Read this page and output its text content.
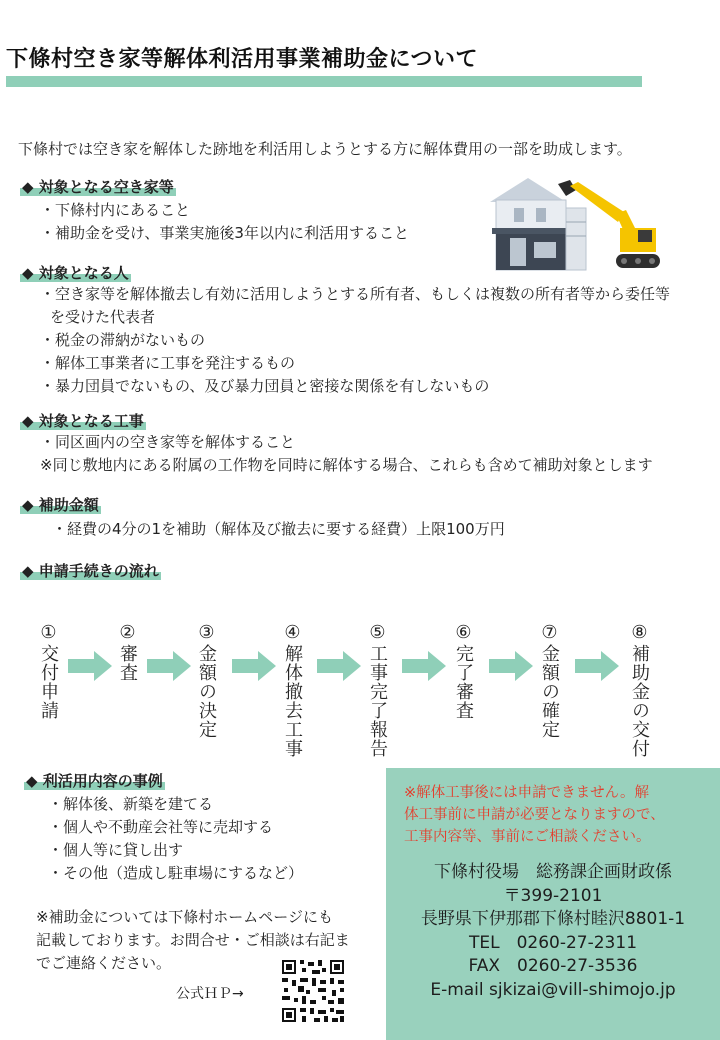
下條村空き家等解体利活用事業補助金について
下條村では空き家を解体した跡地を利活用しようとする方に解体費用の一部を助成します。
◆ 対象となる空き家等
・下條村内にあること
・補助金を受け、事業実施後3年以内に利活用すること
◆ 対象となる人
・空き家等を解体撤去し有効に活用しようとする所有者、もしくは複数の所有者等から委任等
を受けた代表者
・税金の滞納がないもの
・解体工事業者に工事を発注するもの
・暴力団員でないもの、及び暴力団員と密接な関係を有しないもの
◆ 対象となる工事
・同区画内の空き家等を解体すること
※同じ敷地内にある附属の工作物を同時に解体する場合、これらも含めて補助対象とします
◆ 補助金額
・経費の4分の1を補助（解体及び撤去に要する経費）上限100万円
◆ 申請手続きの流れ
①交付申請	②審査	③金額の決定	④解体撤去工事	⑤工事完了報告	⑥完了審査	⑦金額の確定	⑧補助金の交付
◆ 利活用内容の事例
・解体後、新築を建てる
・個人や不動産会社等に売却する
・個人等に貸し出す
・その他（造成し駐車場にするなど）
※補助金については下條村ホームページにも
記載しております。お問合せ・ご相談は右記ま
でご連絡ください。
公式ＨＰ→
※解体工事後には申請できません。解
体工事前に申請が必要となりますので、
工事内容等、事前にご相談ください。
下條村役場　総務課企画財政係
〒399-2101
長野県下伊那郡下條村睦沢8801-1
TEL　0260-27-2311
FAX　0260-27-3536
E-mail sjkizai@vill-shimojo.jp
